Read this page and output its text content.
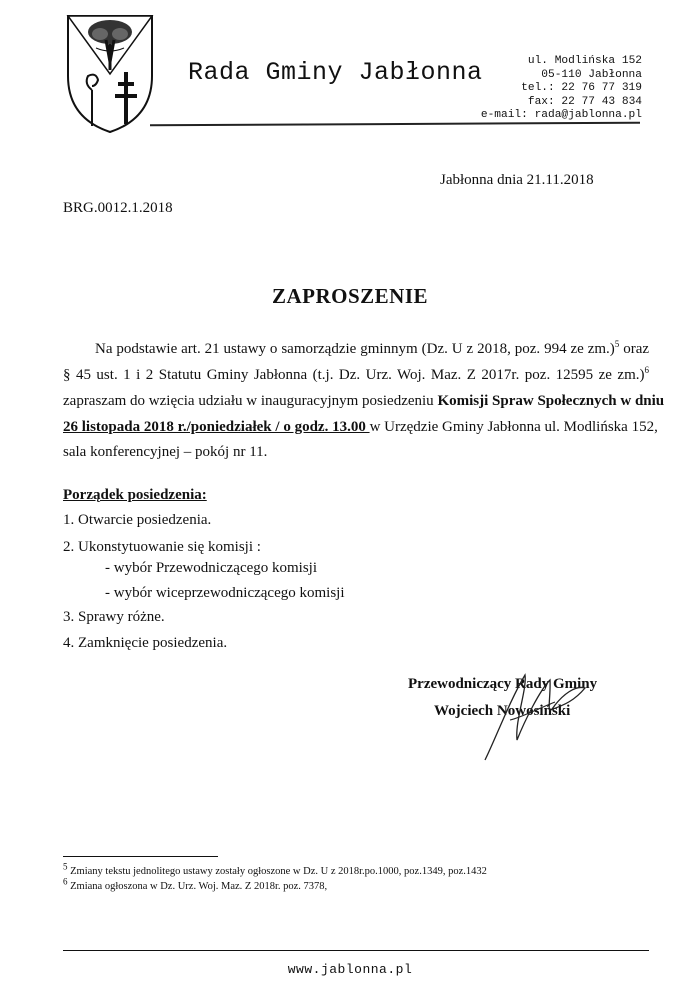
Rada Gminy Jabłonna	ul. Modlińska 152
05-110 Jabłonna
tel.: 22 76 77 319
fax: 22 77 43 834
e-mail: rada@jablonna.pl
Jabłonna dnia 21.11.2018
BRG.0012.1.2018
ZAPROSZENIE
Na podstawie art. 21 ustawy o samorządzie gminnym (Dz. U z 2018, poz. 994 ze zm.)$^5$ oraz
§ 45 ust. 1 i 2 Statutu Gminy Jabłonna (t.j. Dz. Urz. Woj. Maz. Z 2017r. poz. 12595 ze zm.)$^6$
zapraszam do wzięcia udziału w inauguracyjnym posiedzeniu Komisji Spraw Społecznych w dniu
26 listopada 2018 r./poniedziałek / o godz. 13.00 w Urzędzie Gminy Jabłonna ul. Modlińska 152,
sala konferencyjnej – pokój nr 11.
Porządek posiedzenia:
1. Otwarcie posiedzenia.
2. Ukonstytuowanie się komisji :
- wybór Przewodniczącego komisji
- wybór wiceprzewodniczącego komisji
3. Sprawy różne.
4. Zamknięcie posiedzenia.
Przewodniczący Rady Gminy
Wojciech Nowosiński
$^5$ Zmiany tekstu jednolitego ustawy zostały ogłoszone w Dz. U z 2018r.po.1000, poz.1349, poz.1432
$^6$ Zmiana ogłoszona w Dz. Urz. Woj. Maz. Z 2018r. poz. 7378,
www.jablonna.pl
